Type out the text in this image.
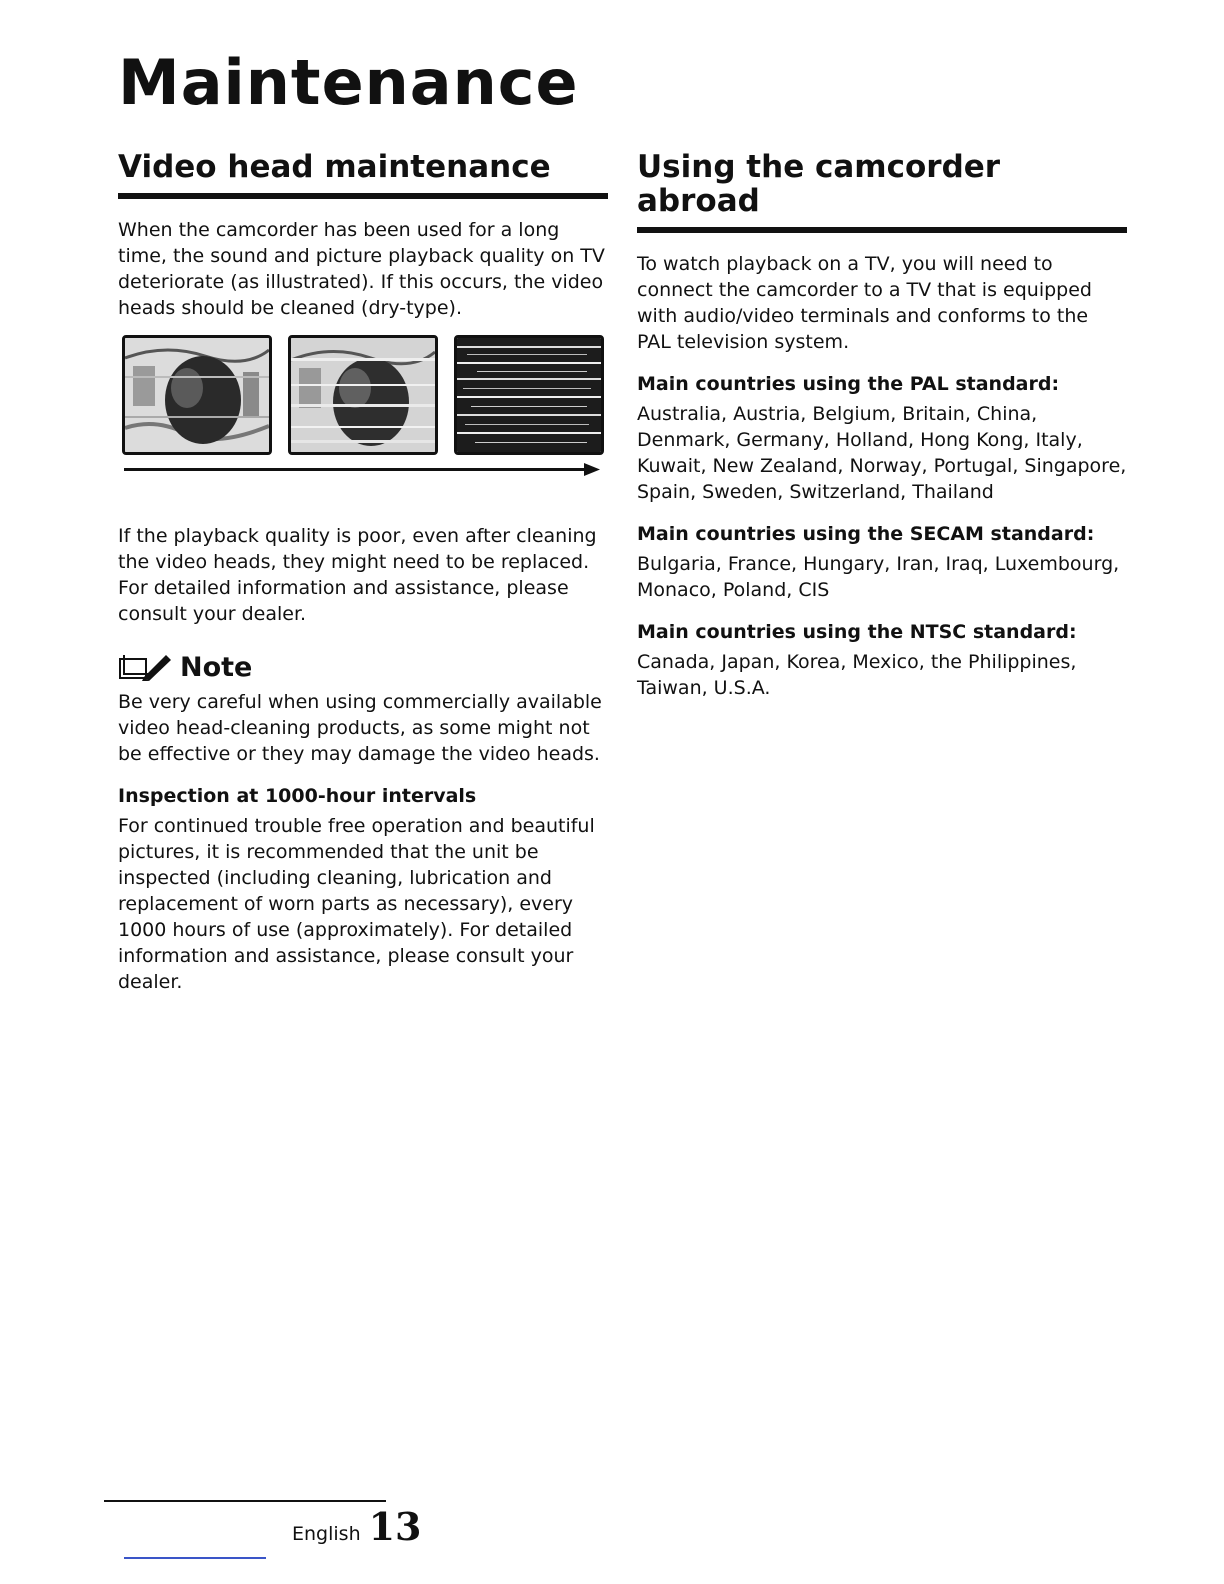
Maintenance
Video head maintenance

When the camcorder has been used for a long time, the sound and picture playback quality on TV deteriorate (as illustrated). If this occurs, the video heads should be cleaned (dry-type).

If the playback quality is poor, even after cleaning the video heads, they might need to be replaced. For detailed information and assistance, please consult your dealer.

Note

Be very careful when using commercially available video head-cleaning products, as some might not be effective or they may damage the video heads.

Inspection at 1000-hour intervals

For continued trouble free operation and beautiful pictures, it is recommended that the unit be inspected (including cleaning, lubrication and replacement of worn parts as necessary), every 1000 hours of use (approximately). For detailed information and assistance, please consult your dealer.

Using the camcorder abroad

To watch playback on a TV, you will need to connect the camcorder to a TV that is equipped with audio/video terminals and conforms to the PAL television system.

Main countries using the PAL standard:

Australia, Austria, Belgium, Britain, China, Denmark, Germany, Holland, Hong Kong, Italy, Kuwait, New Zealand, Norway, Portugal, Singapore, Spain, Sweden, Switzerland, Thailand

Main countries using the SECAM standard:

Bulgaria, France, Hungary, Iran, Iraq, Luxembourg, Monaco, Poland, CIS

Main countries using the NTSC standard:

Canada, Japan, Korea, Mexico, the Philippines, Taiwan, U.S.A.

English 13
